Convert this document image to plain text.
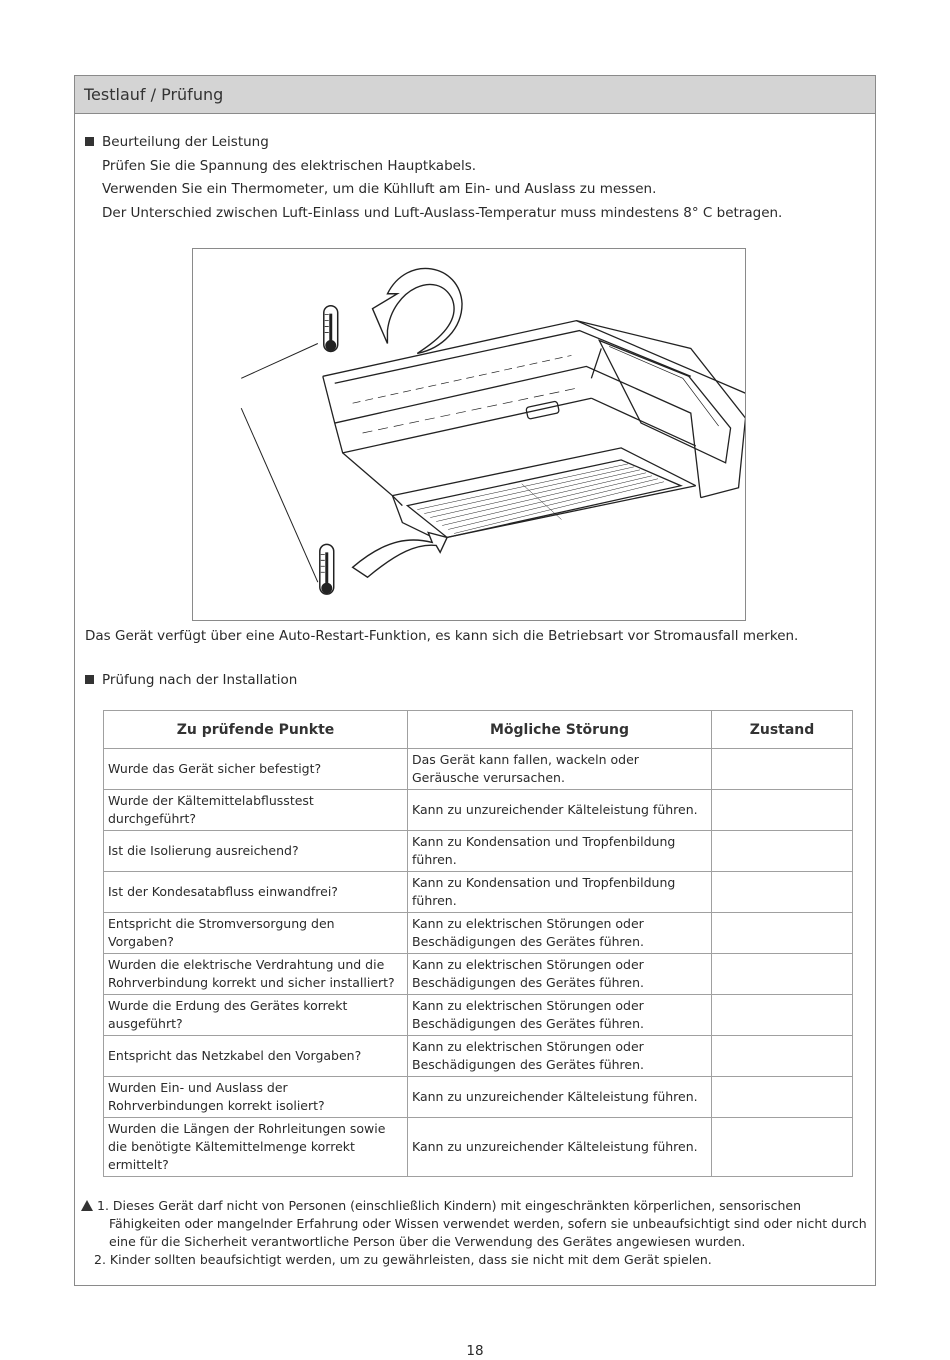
Testlauf / Prüfung
Beurteilung der Leistung
Prüfen Sie die Spannung des elektrischen Hauptkabels.
Verwenden Sie ein Thermometer, um die Kühlluft am Ein- und Auslass zu messen.
Der Unterschied zwischen Luft-Einlass und Luft-Auslass-Temperatur muss mindestens 8° C betragen.
Das Gerät verfügt über eine Auto-Restart-Funktion, es kann sich die Betriebsart vor Stromausfall merken.
Prüfung nach der Installation
Zu prüfende Punkte	Mögliche Störung	Zustand
Wurde das Gerät sicher befestigt?	Das Gerät kann fallen, wackeln oder Geräusche verursachen.	
Wurde der Kältemittelabflusstest durchgeführt?	Kann zu unzureichender Kälteleistung führen.	
Ist die Isolierung ausreichend?	Kann zu Kondensation und Tropfenbildung führen.	
Ist der Kondesatabfluss einwandfrei?	Kann zu Kondensation und Tropfenbildung führen.	
Entspricht die Stromversorgung den Vorgaben?	Kann zu elektrischen Störungen oder Beschädigungen des Gerätes führen.	
Wurden die elektrische Verdrahtung und die Rohrverbindung korrekt und sicher installiert?	Kann zu elektrischen Störungen oder Beschädigungen des Gerätes führen.	
Wurde die Erdung des Gerätes korrekt ausgeführt?	Kann zu elektrischen Störungen oder Beschädigungen des Gerätes führen.	
Entspricht das Netzkabel den Vorgaben?	Kann zu elektrischen Störungen oder Beschädigungen des Gerätes führen.	
Wurden Ein- und Auslass der Rohrverbindungen korrekt isoliert?	Kann zu unzureichender Kälteleistung führen.	
Wurden die Längen der Rohrleitungen sowie die benötigte Kältemittelmenge korrekt ermittelt?	Kann zu unzureichender Kälteleistung führen.	
1. Dieses Gerät darf nicht von Personen (einschließlich Kindern) mit eingeschränkten körperlichen, sensorischen Fähigkeiten oder mangelnder Erfahrung oder Wissen verwendet werden, sofern sie unbeaufsichtigt sind oder nicht durch eine für die Sicherheit verantwortliche Person über die Verwendung des Gerätes angewiesen wurden.
2. Kinder sollten beaufsichtigt werden, um zu gewährleisten, dass sie nicht mit dem Gerät spielen.
18
